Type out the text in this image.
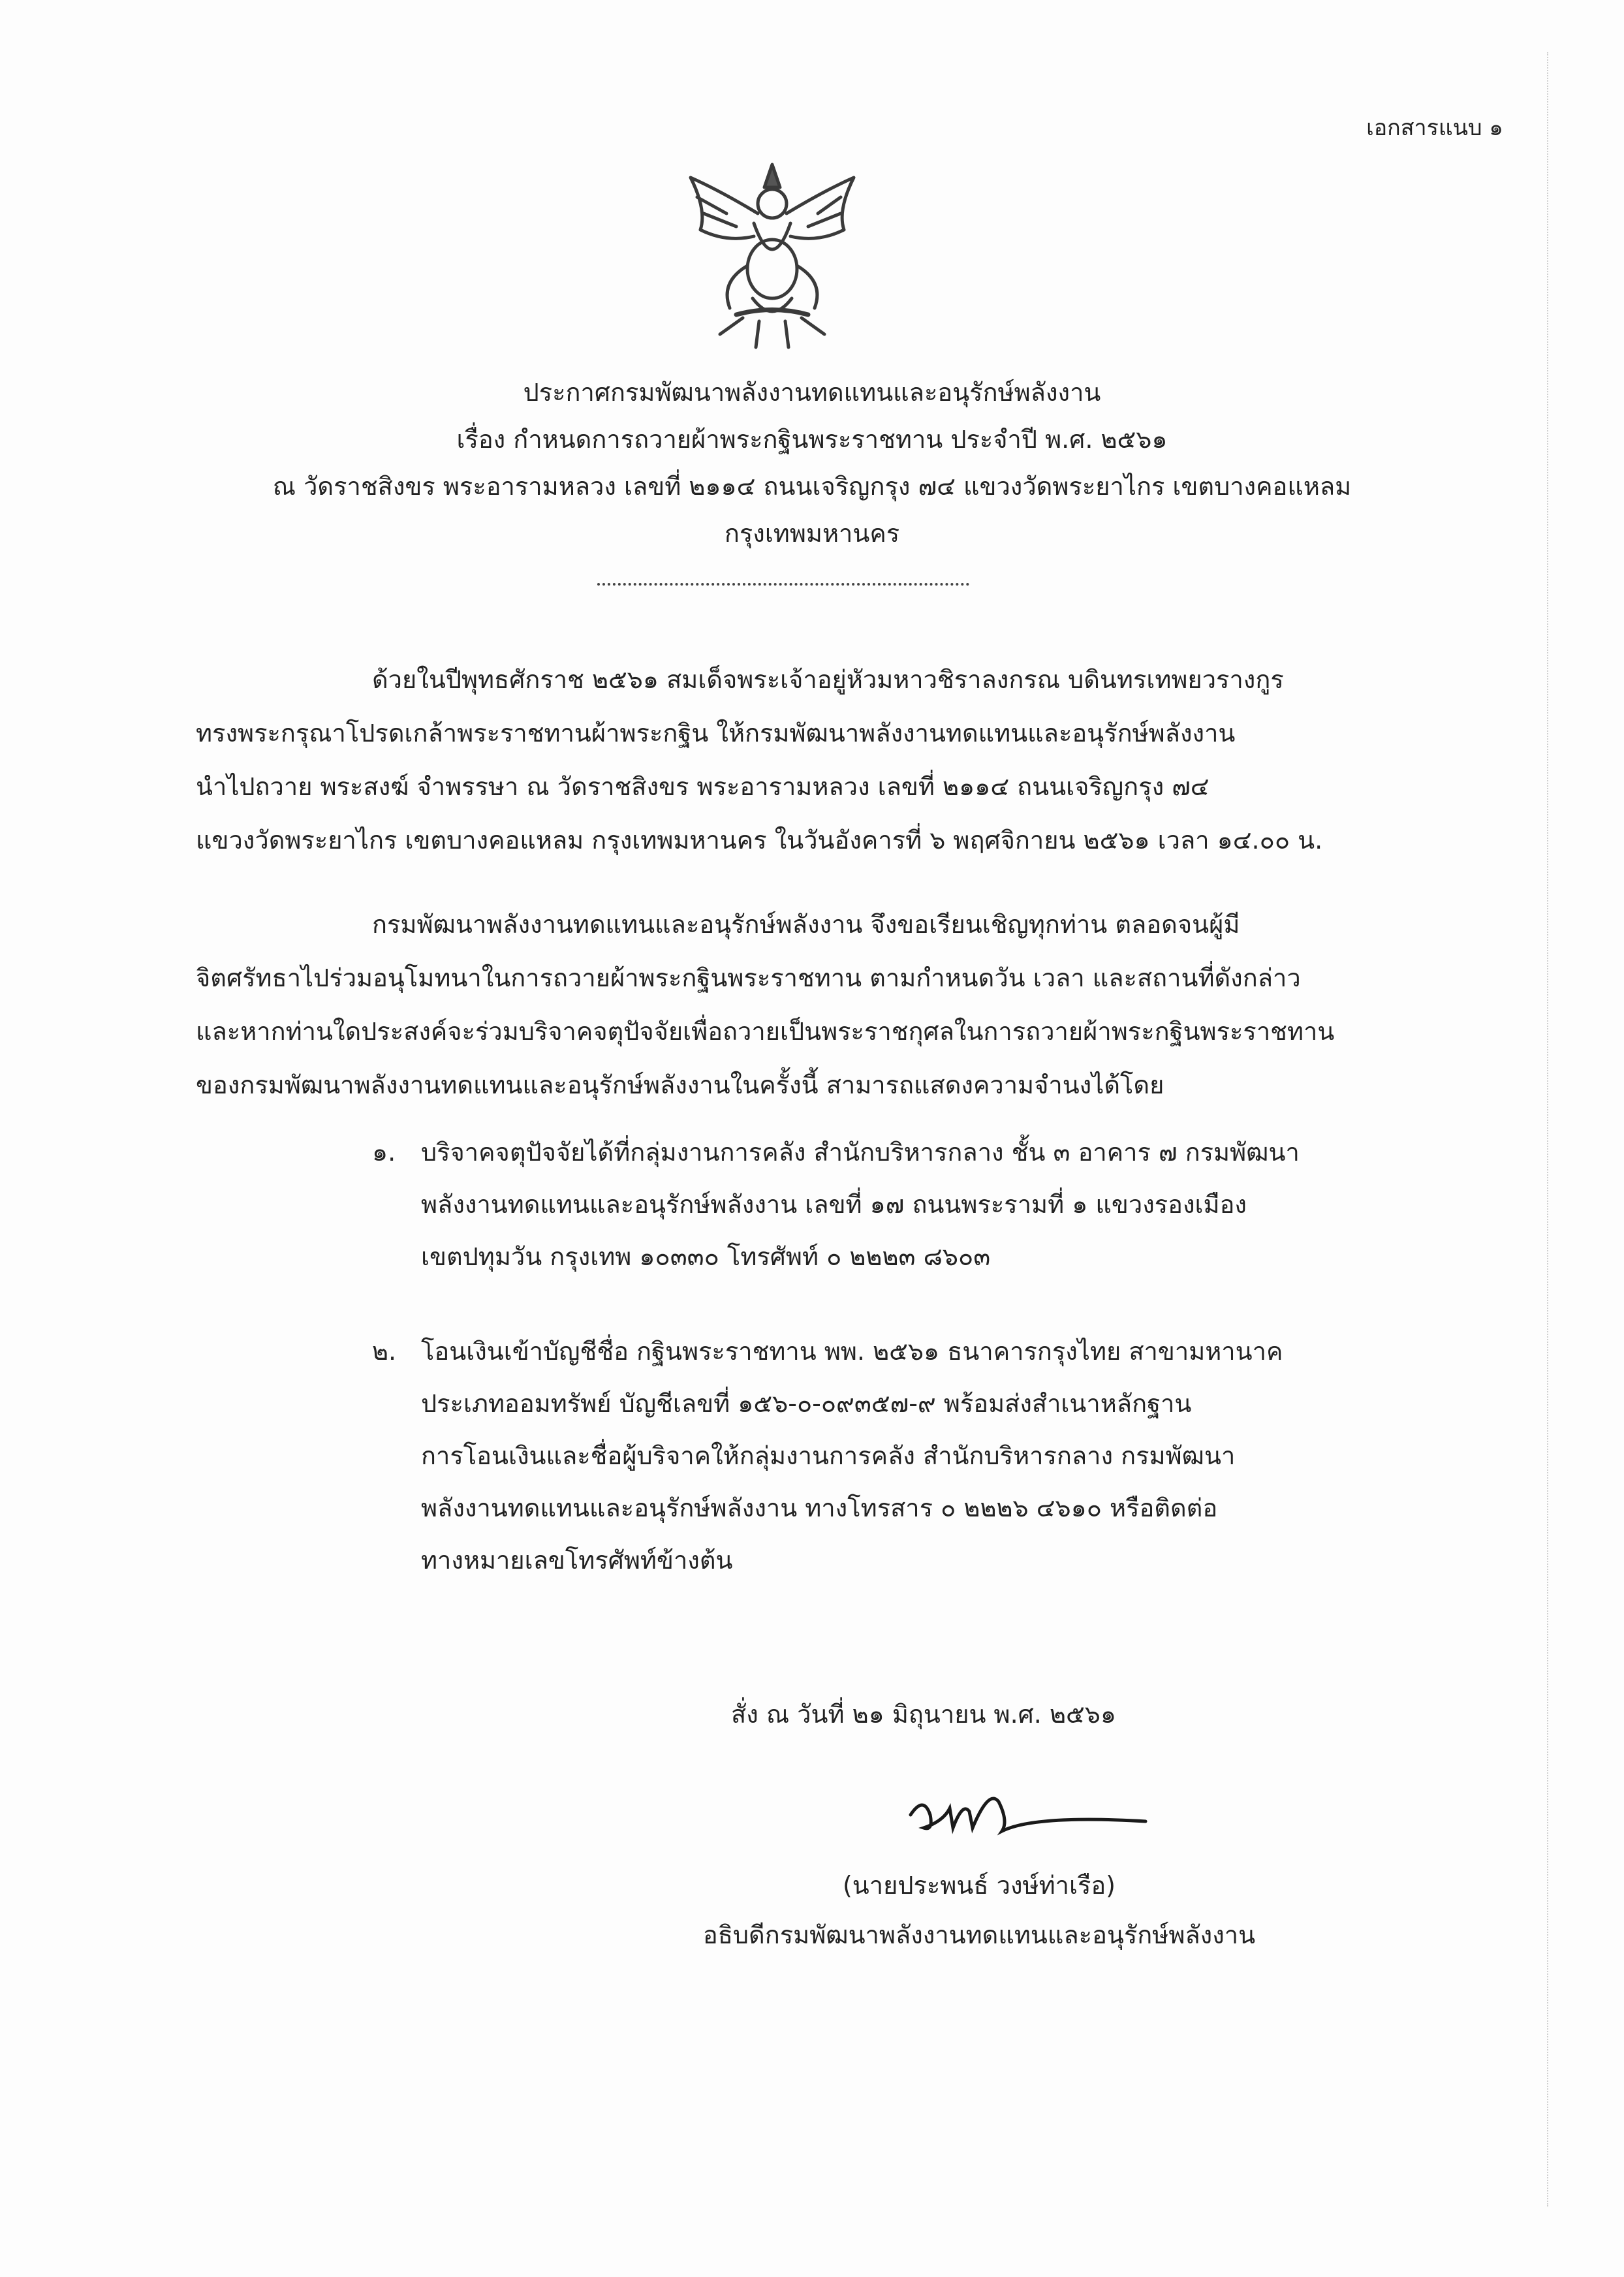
เอกสารแนบ ๑
ประกาศกรมพัฒนาพลังงานทดแทนและอนุรักษ์พลังงาน
เรื่อง กำหนดการถวายผ้าพระกฐินพระราชทาน ประจำปี พ.ศ. ๒๕๖๑
ณ วัดราชสิงขร พระอารามหลวง เลขที่ ๒๑๑๔ ถนนเจริญกรุง ๗๔ แขวงวัดพระยาไกร เขตบางคอแหลม
กรุงเทพมหานคร
ด้วยในปีพุทธศักราช ๒๕๖๑ สมเด็จพระเจ้าอยู่หัวมหาวชิราลงกรณ บดินทรเทพยวรางกูร
ทรงพระกรุณาโปรดเกล้าพระราชทานผ้าพระกฐิน ให้กรมพัฒนาพลังงานทดแทนและอนุรักษ์พลังงาน
นำไปถวาย พระสงฆ์ จำพรรษา ณ วัดราชสิงขร พระอารามหลวง เลขที่ ๒๑๑๔ ถนนเจริญกรุง ๗๔
แขวงวัดพระยาไกร เขตบางคอแหลม กรุงเทพมหานคร ในวันอังคารที่ ๖ พฤศจิกายน ๒๕๖๑ เวลา ๑๔.๐๐ น.
กรมพัฒนาพลังงานทดแทนและอนุรักษ์พลังงาน จึงขอเรียนเชิญทุกท่าน ตลอดจนผู้มี
จิตศรัทธาไปร่วมอนุโมทนาในการถวายผ้าพระกฐินพระราชทาน ตามกำหนดวัน เวลา และสถานที่ดังกล่าว
และหากท่านใดประสงค์จะร่วมบริจาคจตุปัจจัยเพื่อถวายเป็นพระราชกุศลในการถวายผ้าพระกฐินพระราชทาน
ของกรมพัฒนาพลังงานทดแทนและอนุรักษ์พลังงานในครั้งนี้ สามารถแสดงความจำนงได้โดย
๑. บริจาคจตุปัจจัยได้ที่กลุ่มงานการคลัง สำนักบริหารกลาง ชั้น ๓ อาคาร ๗ กรมพัฒนา
พลังงานทดแทนและอนุรักษ์พลังงาน เลขที่ ๑๗ ถนนพระรามที่ ๑ แขวงรองเมือง
เขตปทุมวัน กรุงเทพ ๑๐๓๓๐ โทรศัพท์ ๐ ๒๒๒๓ ๘๖๐๓
๒. โอนเงินเข้าบัญชีชื่อ กฐินพระราชทาน พพ. ๒๕๖๑ ธนาคารกรุงไทย สาขามหานาค
ประเภทออมทรัพย์ บัญชีเลขที่ ๑๕๖-๐-๐๙๓๕๗-๙ พร้อมส่งสำเนาหลักฐาน
การโอนเงินและชื่อผู้บริจาคให้กลุ่มงานการคลัง สำนักบริหารกลาง กรมพัฒนา
พลังงานทดแทนและอนุรักษ์พลังงาน ทางโทรสาร ๐ ๒๒๒๖ ๔๖๑๐ หรือติดต่อ
ทางหมายเลขโทรศัพท์ข้างต้น
สั่ง ณ วันที่ ๒๑ มิถุนายน พ.ศ. ๒๕๖๑
(นายประพนธ์ วงษ์ท่าเรือ)
อธิบดีกรมพัฒนาพลังงานทดแทนและอนุรักษ์พลังงาน
